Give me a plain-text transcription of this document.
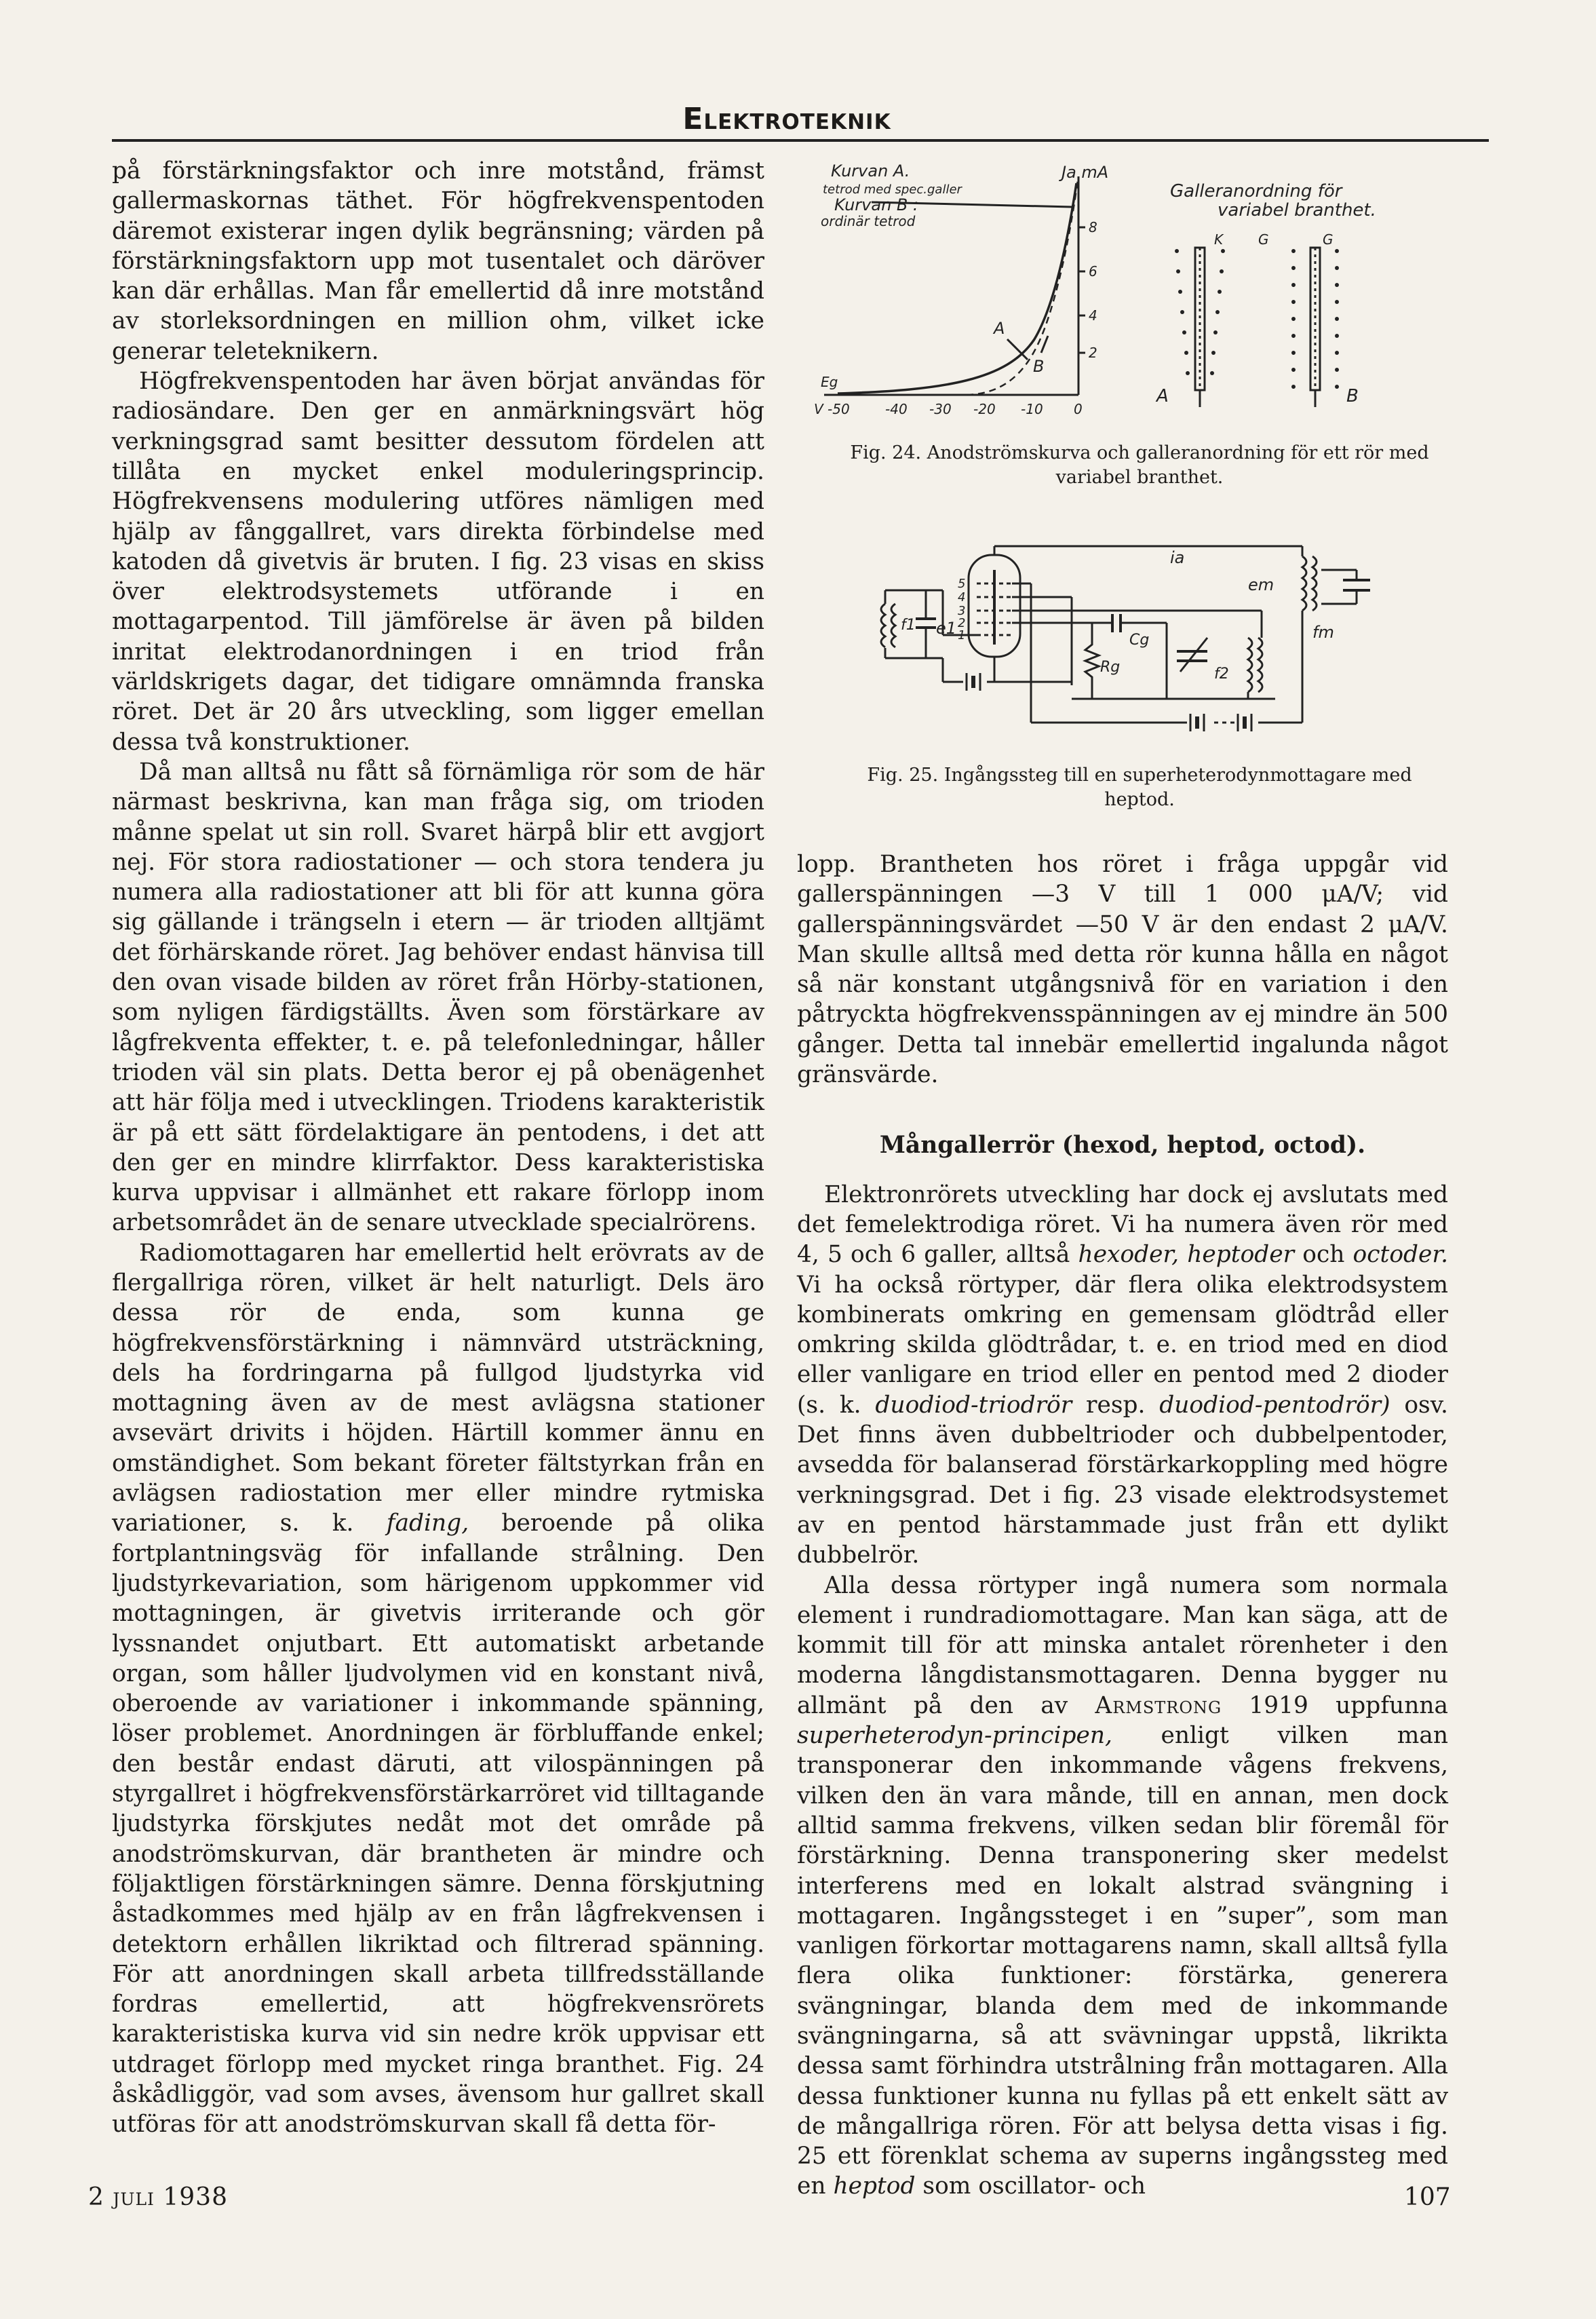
Elektroteknik

på förstärkningsfaktor och inre motstånd, främst gallermaskornas täthet. För högfrekvenspentoden däremot existerar ingen dylik begränsning; värden på förstärkningsfaktorn upp mot tusentalet och däröver kan där erhållas. Man får emellertid då inre motstånd av storleksordningen en million ohm, vilket icke generar teleteknikern.

Högfrekvenspentoden har även börjat användas för radiosändare. Den ger en anmärkningsvärt hög verkningsgrad samt besitter dessutom fördelen att tillåta en mycket enkel moduleringsprincip. Högfrekvensens modulering utföres nämligen med hjälp av fånggallret, vars direkta förbindelse med katoden då givetvis är bruten. I fig. 23 visas en skiss över elektrodsystemets utförande i en mottagarpentod. Till jämförelse är även på bilden inritat elektrodanordningen i en triod från världskrigets dagar, det tidigare omnämnda franska röret. Det är 20 års utveckling, som ligger emellan dessa två konstruktioner.

Då man alltså nu fått så förnämliga rör som de här närmast beskrivna, kan man fråga sig, om trioden månne spelat ut sin roll. Svaret härpå blir ett avgjort nej. För stora radiostationer — och stora tendera ju numera alla radiostationer att bli för att kunna göra sig gällande i trängseln i etern — är trioden alltjämt det förhärskande röret. Jag behöver endast hänvisa till den ovan visade bilden av röret från Hörby-stationen, som nyligen färdigställts. Även som förstärkare av lågfrekventa effekter, t. e. på telefonledningar, håller trioden väl sin plats. Detta beror ej på obenägenhet att här följa med i utvecklingen. Triodens karakteristik är på ett sätt fördelaktigare än pentodens, i det att den ger en mindre klirrfaktor. Dess karakteristiska kurva uppvisar i allmänhet ett rakare förlopp inom arbetsområdet än de senare utvecklade specialrörens.

Radiomottagaren har emellertid helt erövrats av de flergallriga rören, vilket är helt naturligt. Dels äro dessa rör de enda, som kunna ge högfrekvensförstärkning i nämnvärd utsträckning, dels ha fordringarna på fullgod ljudstyrka vid mottagning även av de mest avlägsna stationer avsevärt drivits i höjden. Härtill kommer ännu en omständighet. Som bekant företer fältstyrkan från en avlägsen radiostation mer eller mindre rytmiska variationer, s. k. fading, beroende på olika fortplantningsväg för infallande strålning. Den ljudstyrkevariation, som härigenom uppkommer vid mottagningen, är givetvis irriterande och gör lyssnandet onjutbart. Ett automatiskt arbetande organ, som håller ljudvolymen vid en konstant nivå, oberoende av variationer i inkommande spänning, löser problemet. Anordningen är förbluffande enkel; den består endast däruti, att vilospänningen på styrgallret i högfrekvensförstärkarröret vid tilltagande ljudstyrka förskjutes nedåt mot det område på anodströmskurvan, där brantheten är mindre och följaktligen förstärkningen sämre. Denna förskjutning åstadkommes med hjälp av en från lågfrekvensen i detektorn erhållen likriktad och filtrerad spänning. För att anordningen skall arbeta tillfredsställande fordras emellertid, att högfrekvensrörets karakteristiska kurva vid sin nedre krök uppvisar ett utdraget förlopp med mycket ringa branthet. Fig. 24 åskådliggör, vad som avses, ävensom hur gallret skall utföras för att anodströmskurvan skall få detta för-

Kurvan A.
tetrod med spec.galler
Kurvan B :
ordinär tetrod
Ja mA
8
6
4
2
Eg
V -50	-40 -30 -20 -10 0
A
B
Galleranordning för
variabel branthet.
K	G	G
A	B
Fig. 24. Anodströmskurva och galleranordning för ett rör med variabel branthet.
ia
em
fm
f1 e1
Rg
Cg
f2
5
4
3
2
1
Fig. 25. Ingångssteg till en superheterodynmottagare med heptod.

lopp. Brantheten hos röret i fråga uppgår vid gallerspänningen —3 V till 1 000 μA/V; vid gallerspänningsvärdet —50 V är den endast 2 μA/V. Man skulle alltså med detta rör kunna hålla en något så när konstant utgångsnivå för en variation i den påtryckta högfrekvensspänningen av ej mindre än 500 gånger. Detta tal innebär emellertid ingalunda något gränsvärde.

Mångallerrör (hexod, heptod, octod).

Elektronrörets utveckling har dock ej avslutats med det femelektrodiga röret. Vi ha numera även rör med 4, 5 och 6 galler, alltså hexoder, heptoder och octoder. Vi ha också rörtyper, där flera olika elektrodsystem kombinerats omkring en gemensam glödtråd eller omkring skilda glödtrådar, t. e. en triod med en diod eller vanligare en triod eller en pentod med 2 dioder (s. k. duodiod-triodrör resp. duodiod-pentodrör) osv. Det finns även dubbeltrioder och dubbelpentoder, avsedda för balanserad förstärkarkoppling med högre verkningsgrad. Det i fig. 23 visade elektrodsystemet av en pentod härstammade just från ett dylikt dubbelrör.

Alla dessa rörtyper ingå numera som normala element i rundradiomottagare. Man kan säga, att de kommit till för att minska antalet rörenheter i den moderna långdistansmottagaren. Denna bygger nu allmänt på den av Armstrong 1919 uppfunna superheterodyn-principen, enligt vilken man transponerar den inkommande vågens frekvens, vilken den än vara månde, till en annan, men dock alltid samma frekvens, vilken sedan blir föremål för förstärkning. Denna transponering sker medelst interferens med en lokalt alstrad svängning i mottagaren. Ingångssteget i en ”super”, som man vanligen förkortar mottagarens namn, skall alltså fylla flera olika funktioner: förstärka, generera svängningar, blanda dem med de inkommande svängningarna, så att svävningar uppstå, likrikta dessa samt förhindra utstrålning från mottagaren. Alla dessa funktioner kunna nu fyllas på ett enkelt sätt av de mångallriga rören. För att belysa detta visas i fig. 25 ett förenklat schema av superns ingångssteg med en heptod som oscillator- och

2 juli 1938	107
